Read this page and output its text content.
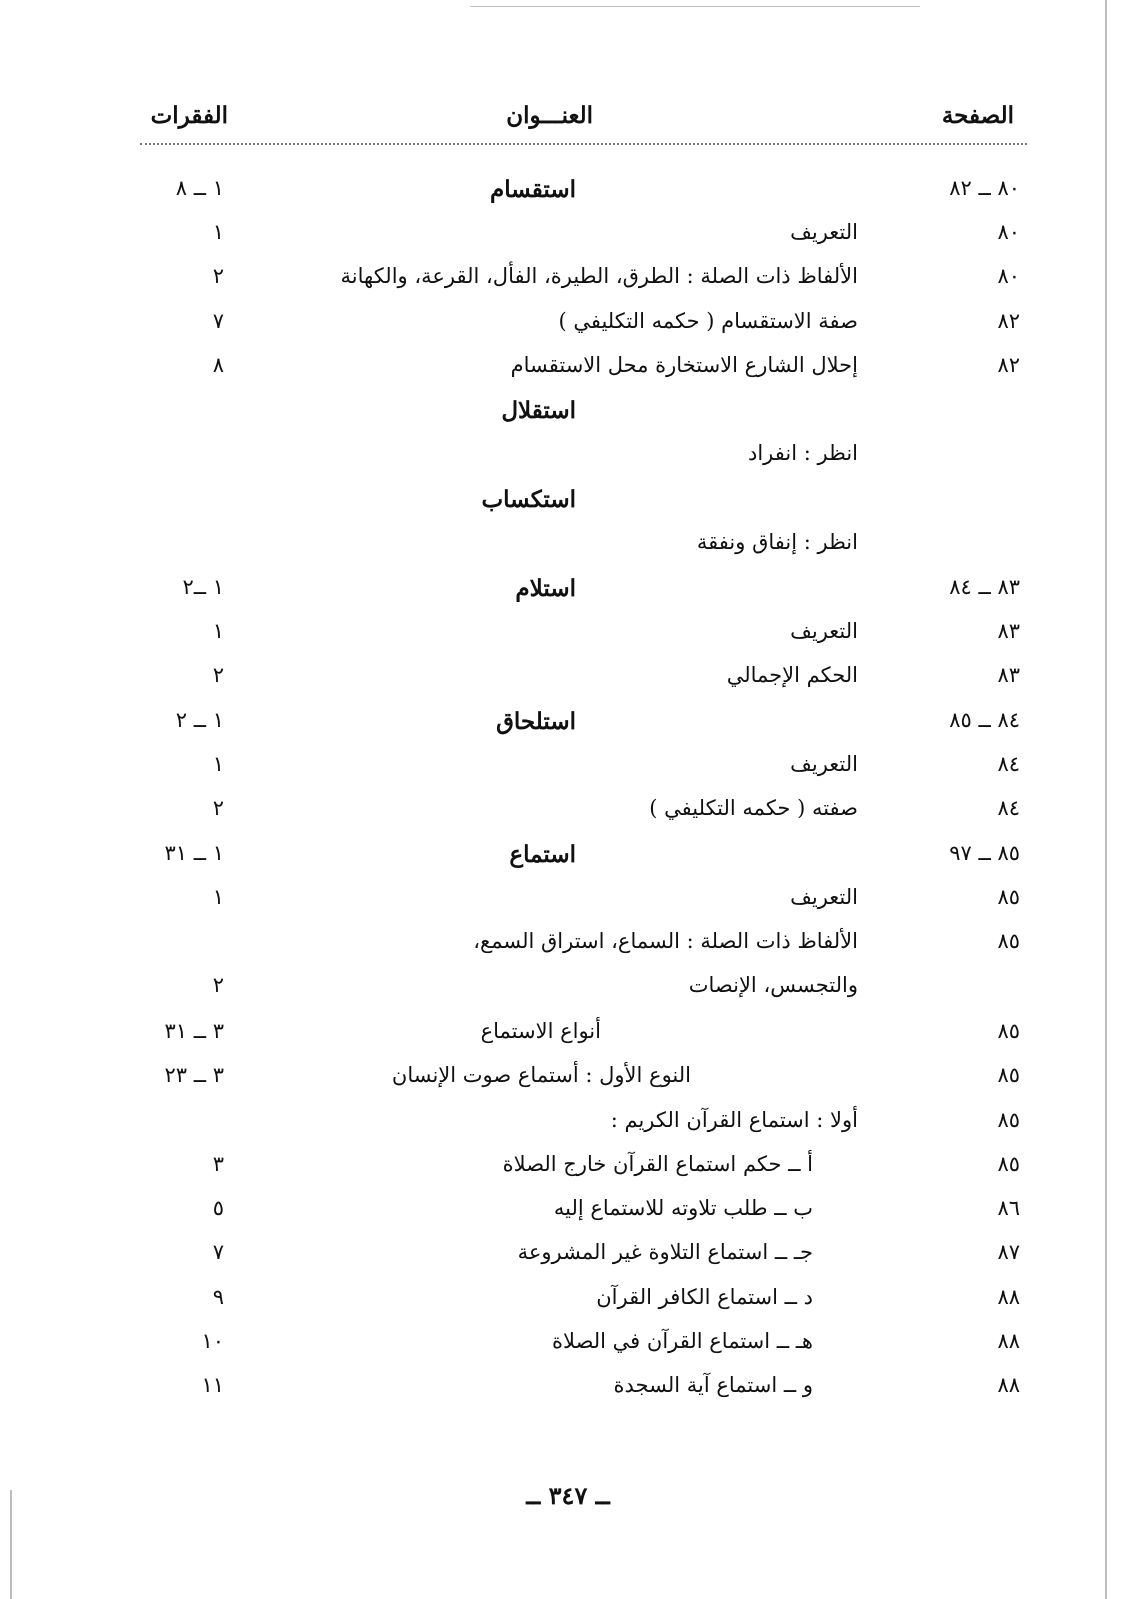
الصفحة
العنـــوان
الفقرات
٨٠ ــ ٨٢
استقسام
١ ــ ٨
٨٠
التعريف
١
٨٠
الألفاظ ذات الصلة : الطرق، الطيرة، الفأل، القرعة، والكهانة
٢
٨٢
صفة الاستقسام ( حكمه التكليفي )
٧
٨٢
إحلال الشارع الاستخارة محل الاستقسام
٨
استقلال
انظر : انفراد
استكساب
انظر : إنفاق ونفقة
٨٣ ــ ٨٤
استلام
١ ــ٢
٨٣
التعريف
١
٨٣
الحكم الإجمالي
٢
٨٤ ــ ٨٥
استلحاق
١ ــ ٢
٨٤
التعريف
١
٨٤
صفته ( حكمه التكليفي )
٢
٨٥ ــ ٩٧
استماع
١ ــ ٣١
٨٥
التعريف
١
٨٥
الألفاظ ذات الصلة : السماع، استراق السمع،
والتجسس، الإنصات
٢
٨٥
أنواع الاستماع
٣ ــ ٣١
٨٥
النوع الأول : أستماع صوت الإنسان
٣ ــ ٢٣
٨٥
أولا : استماع القرآن الكريم :
٨٥
أ ــ حكم استماع القرآن خارج الصلاة
٣
٨٦
ب ــ طلب تلاوته للاستماع إليه
٥
٨٧
جـ ــ استماع التلاوة غير المشروعة
٧
٨٨
د ــ استماع الكافر القرآن
٩
٨٨
هـ ــ استماع القرآن في الصلاة
١٠
٨٨
و ــ استماع آية السجدة
١١
ــ ٣٤٧ ــ
